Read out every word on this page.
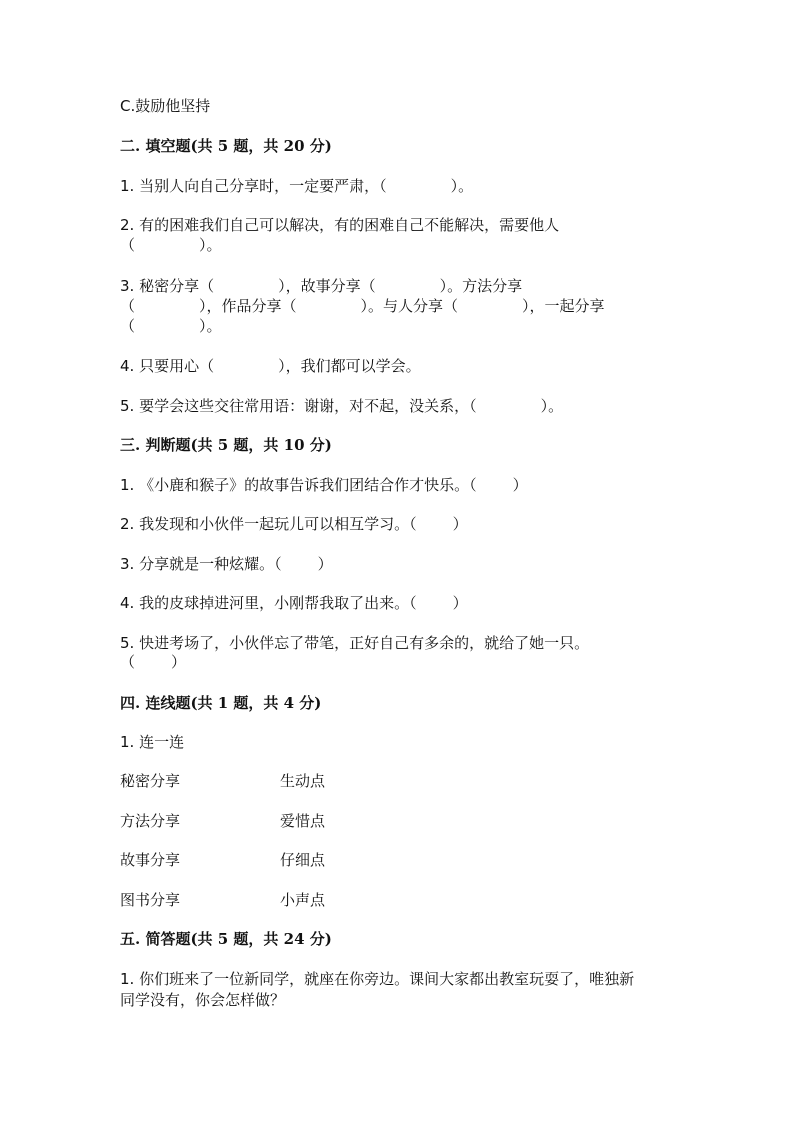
C.鼓励他坚持
二. 填空题(共 5 题，共 20 分)
1. 当别人向自己分享时，一定要严肃，（	）。
2. 有的困难我们自己可以解决，有的困难自己不能解决，需要他人
（	）。
3. 秘密分享（	），故事分享（	）。方法分享
（	），作品分享（	）。与人分享（	），一起分享
（	）。
4. 只要用心（	），我们都可以学会。
5. 要学会这些交往常用语：谢谢，对不起，没关系，（	）。
三. 判断题(共 5 题，共 10 分)
1. 《小鹿和猴子》的故事告诉我们团结合作才快乐。（ ）
2. 我发现和小伙伴一起玩儿可以相互学习。（ ）
3. 分享就是一种炫耀。（ ）
4. 我的皮球掉进河里，小刚帮我取了出来。（ ）
5. 快进考场了，小伙伴忘了带笔，正好自己有多余的，就给了她一只。
（ ）
四. 连线题(共 1 题，共 4 分)
1. 连一连
秘密分享	生动点
方法分享	爱惜点
故事分享	仔细点
图书分享	小声点
五. 简答题(共 5 题，共 24 分)
1. 你们班来了一位新同学，就座在你旁边。课间大家都出教室玩耍了，唯独新
同学没有，你会怎样做？
